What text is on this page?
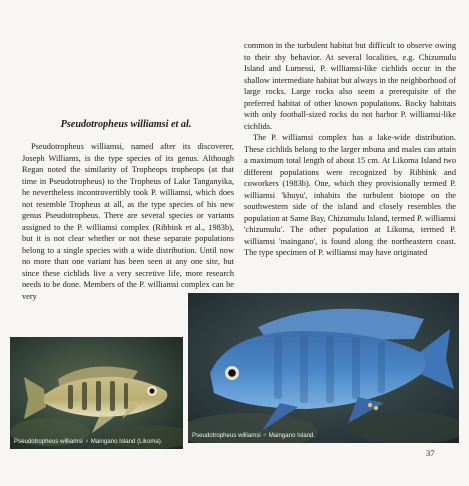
Pseudotrophеus williamsi et al.

Pseudotropheus williamsi, named after its discoverer, Joseph Williams, is the type species of its genus. Although Regan noted the similarity of Tropheops tropheops (at that time in Pseudotropheus) to the Tropheus of Lake Tanganyika, he nevertheless incontrovertibly took P. williamsi, which does not resemble Tropheus at all, as the type species of his new genus Pseudotropheus. There are several species or variants assigned to the P. williamsi complex (Ribbink et al., 1983b), but it is not clear whether or not these separate populations belong to a single species with a wide distribution. Until now no more than one variant has been seen at any one site, but since these cichlids live a very secretive life, more research needs to be done. Members of the P. williamsi complex can be very

common in the turbulent habitat but difficult to observe owing to their shy behavior. At several localities, e.g. Chizumulu Island and Lumessi, P. williamsi-like cichlids occur in the shallow intermediate habitat but always in the neighborhood of large rocks. Large rocks also seem a prerequisite of the preferred habitat of other known populations. Rocky habitats with only football-sized rocks do not harbor P. williamsi-like cichlids.

The P. williamsi complex has a lake-wide distribution. These cichlids belong to the larger mbuna and males can attain a maximum total length of about 15 cm. At Likoma Island two different populations were recognized by Ribbink and coworkers (1983b). One, which they provisionally termed P. williamsi 'khuyu', inhabits the turbulent biotope on the southwestern side of the island and closely resembles the population at Same Bay, Chizumulu Island, termed P. williamsi 'chizumulu'. The other population at Likoma, termed P. williamsi 'maingano', is found along the northeastern coast. The type specimen of P. williamsi may have originated

Pseudotropheus williamsi ♀ Maingano Island (Likoma).
Pseudotropheus williamsi ♂ Maingano Island.
37
